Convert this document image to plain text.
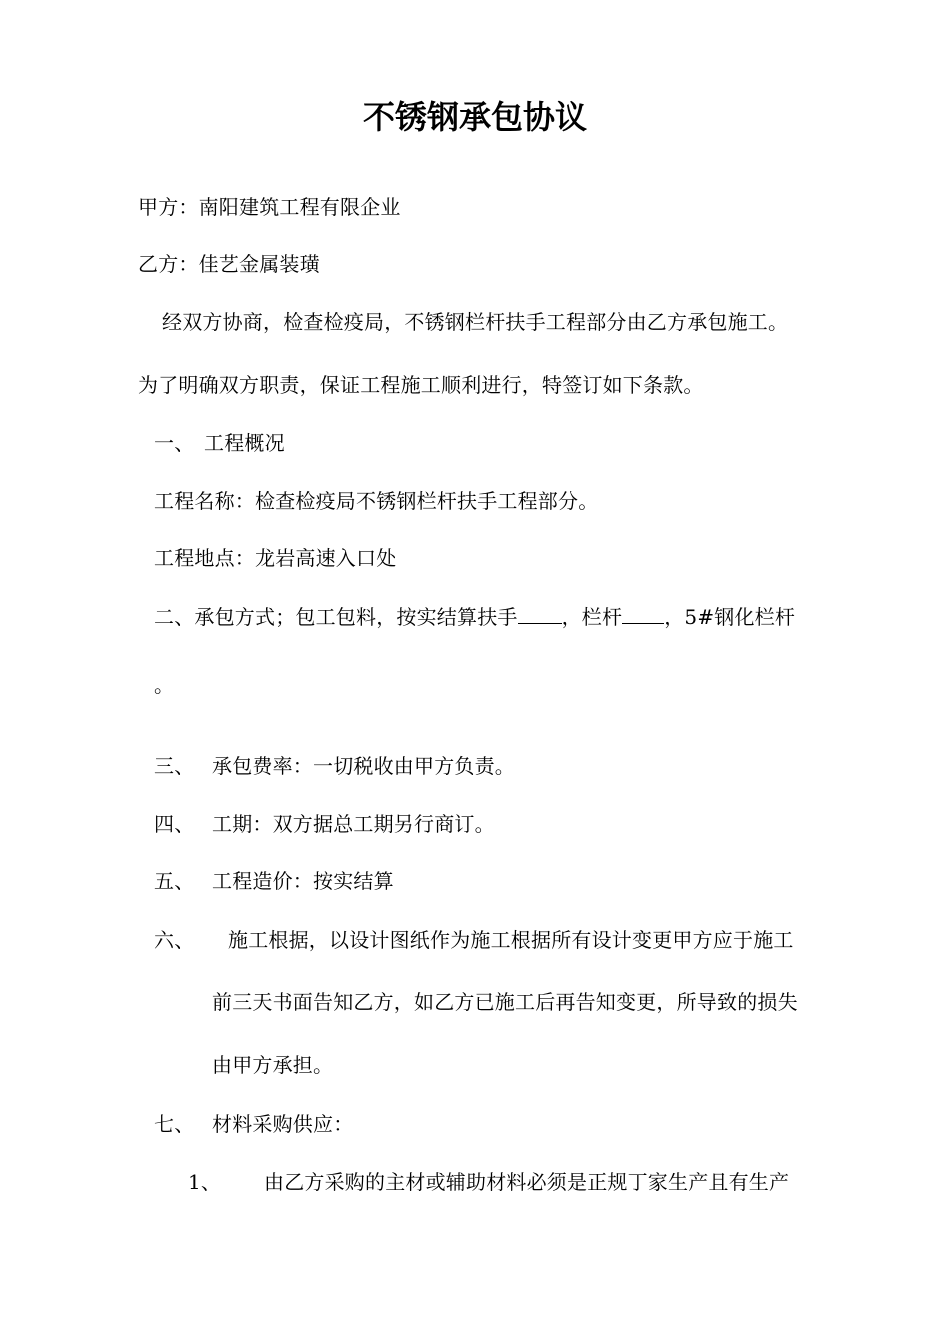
不锈钢承包协议
甲方：南阳建筑工程有限企业
乙方：佳艺金属装璜
经双方协商，检查检疫局，不锈钢栏杆扶手工程部分由乙方承包施工。
为了明确双方职责，保证工程施工顺利进行，特签订如下条款。
一、 工程概况
工程名称：检查检疫局不锈钢栏杆扶手工程部分。
工程地点：龙岩高速入口处
二、承包方式；包工包料，按实结算扶手 ，栏杆 ，5#钢化栏杆
。
三、 承包费率：一切税收由甲方负责。
四、 工期：双方据总工期另行商订。
五、 工程造价：按实结算
六、 施工根据，以设计图纸作为施工根据所有设计变更甲方应于施工
前三天书面告知乙方，如乙方已施工后再告知变更，所导致的损失
由甲方承担。
七、 材料采购供应：
1、 由乙方采购的主材或辅助材料必须是正规丁家生产且有生产
